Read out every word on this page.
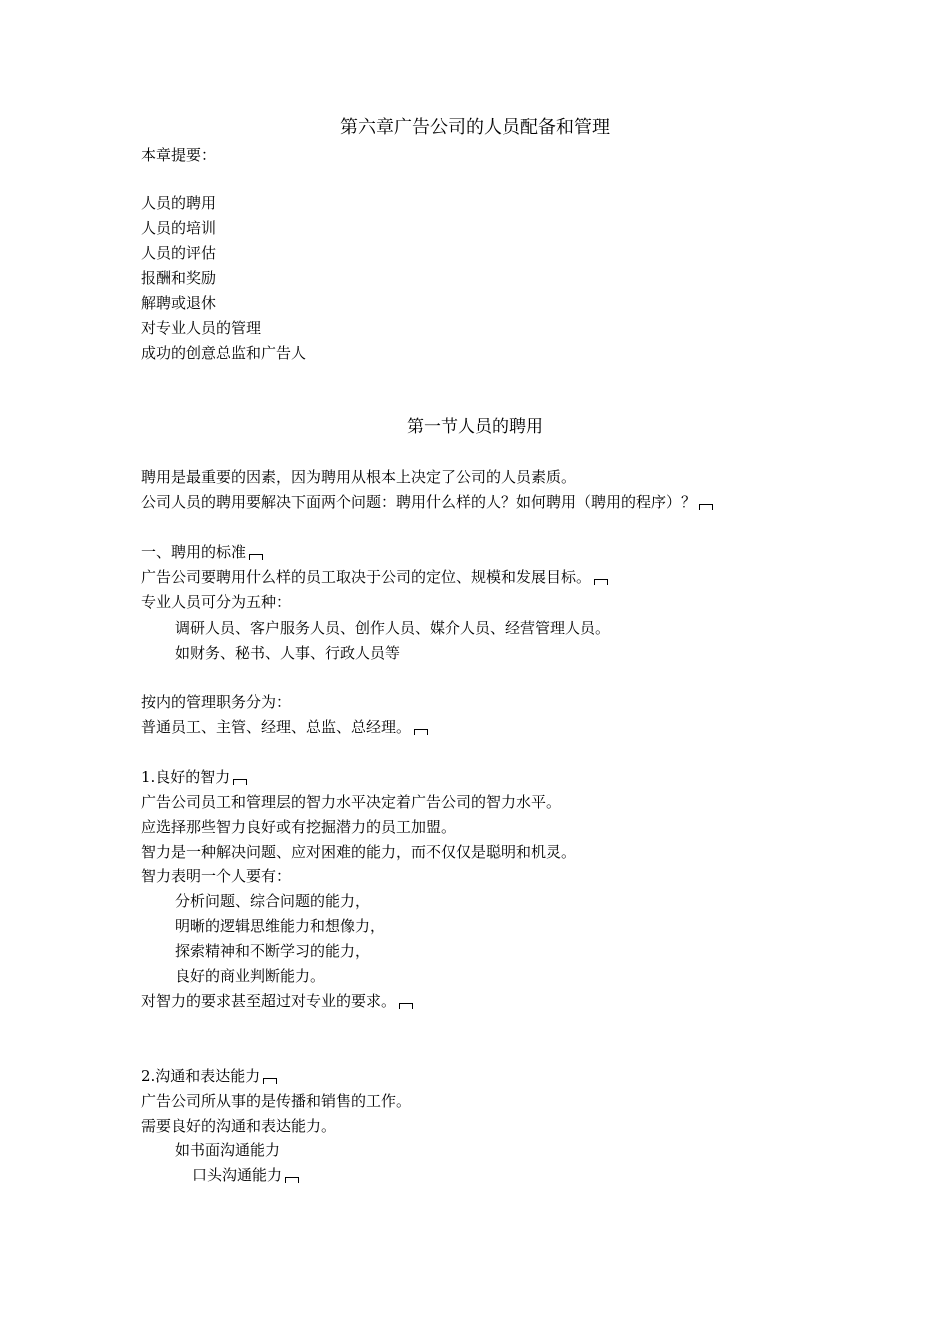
第六章广告公司的人员配备和管理
本章提要：
人员的聘用
人员的培训
人员的评估
报酬和奖励
解聘或退休
对专业人员的管理
成功的创意总监和广告人
第一节人员的聘用
聘用是最重要的因素，因为聘用从根本上决定了公司的人员素质。
公司人员的聘用要解决下面两个问题：聘用什么样的人？如何聘用（聘用的程序）？
一、聘用的标准
广告公司要聘用什么样的员工取决于公司的定位、规模和发展目标。
专业人员可分为五种：
调研人员、客户服务人员、创作人员、媒介人员、经营管理人员。
如财务、秘书、人事、行政人员等
按内的管理职务分为：
普通员工、主管、经理、总监、总经理。
1.良好的智力
广告公司员工和管理层的智力水平决定着广告公司的智力水平。
应选择那些智力良好或有挖掘潜力的员工加盟。
智力是一种解决问题、应对困难的能力，而不仅仅是聪明和机灵。
智力表明一个人要有：
分析问题、综合问题的能力，
明晰的逻辑思维能力和想像力，
探索精神和不断学习的能力，
良好的商业判断能力。
对智力的要求甚至超过对专业的要求。
2.沟通和表达能力
广告公司所从事的是传播和销售的工作。
需要良好的沟通和表达能力。
如书面沟通能力
口头沟通能力
